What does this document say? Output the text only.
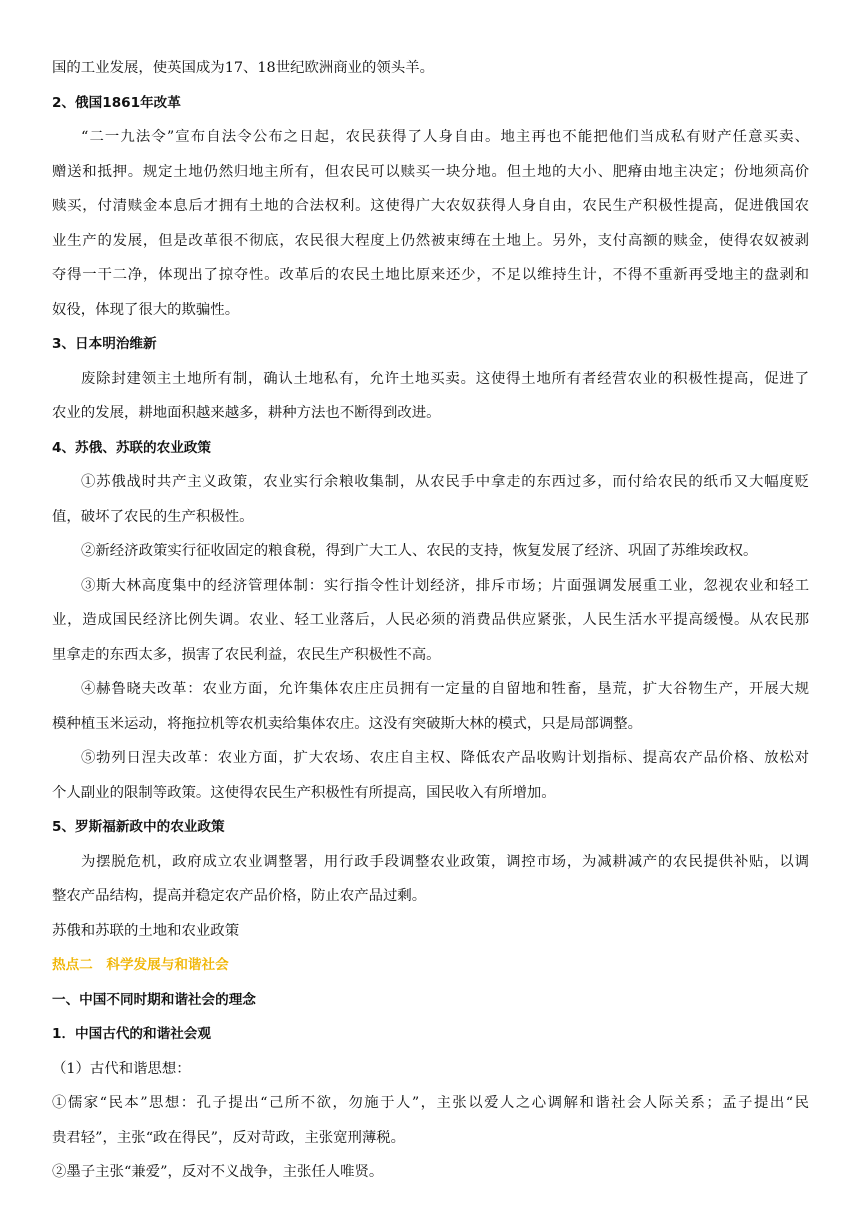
国的工业发展，使英国成为17、18世纪欧洲商业的领头羊。
2、俄国1861年改革
“二一九法令”宣布自法令公布之日起，农民获得了人身自由。地主再也不能把他们当成私有财产任意买卖、
赠送和抵押。规定土地仍然归地主所有，但农民可以赎买一块分地。但土地的大小、肥瘠由地主决定；份地须高价
赎买，付清赎金本息后才拥有土地的合法权利。这使得广大农奴获得人身自由，农民生产积极性提高，促进俄国农
业生产的发展，但是改革很不彻底，农民很大程度上仍然被束缚在土地上。另外，支付高额的赎金，使得农奴被剥
夺得一干二净，体现出了掠夺性。改革后的农民土地比原来还少，不足以维持生计，不得不重新再受地主的盘剥和
奴役，体现了很大的欺骗性。
3、日本明治维新
废除封建领主土地所有制，确认土地私有，允许土地买卖。这使得土地所有者经营农业的积极性提高，促进了
农业的发展，耕地面积越来越多，耕种方法也不断得到改进。
4、苏俄、苏联的农业政策
①苏俄战时共产主义政策，农业实行余粮收集制，从农民手中拿走的东西过多，而付给农民的纸币又大幅度贬
值，破坏了农民的生产积极性。
②新经济政策实行征收固定的粮食税，得到广大工人、农民的支持，恢复发展了经济、巩固了苏维埃政权。
③斯大林高度集中的经济管理体制：实行指令性计划经济，排斥市场；片面强调发展重工业，忽视农业和轻工
业，造成国民经济比例失调。农业、轻工业落后，人民必须的消费品供应紧张，人民生活水平提高缓慢。从农民那
里拿走的东西太多，损害了农民利益，农民生产积极性不高。
④赫鲁晓夫改革：农业方面，允许集体农庄庄员拥有一定量的自留地和牲畜，垦荒，扩大谷物生产，开展大规
模种植玉米运动，将拖拉机等农机卖给集体农庄。这没有突破斯大林的模式，只是局部调整。
⑤勃列日涅夫改革：农业方面，扩大农场、农庄自主权、降低农产品收购计划指标、提高农产品价格、放松对
个人副业的限制等政策。这使得农民生产积极性有所提高，国民收入有所增加。
5、罗斯福新政中的农业政策
为摆脱危机，政府成立农业调整署，用行政手段调整农业政策，调控市场，为减耕减产的农民提供补贴，以调
整农产品结构，提高并稳定农产品价格，防止农产品过剩。
苏俄和苏联的土地和农业政策
热点二　科学发展与和谐社会
一、中国不同时期和谐社会的理念
1．中国古代的和谐社会观
（1）古代和谐思想：
①儒家“民本”思想：孔子提出“己所不欲，勿施于人”，主张以爱人之心调解和谐社会人际关系；孟子提出“民
贵君轻”，主张“政在得民”，反对苛政，主张宽刑薄税。
②墨子主张“兼爱”，反对不义战争，主张任人唯贤。
